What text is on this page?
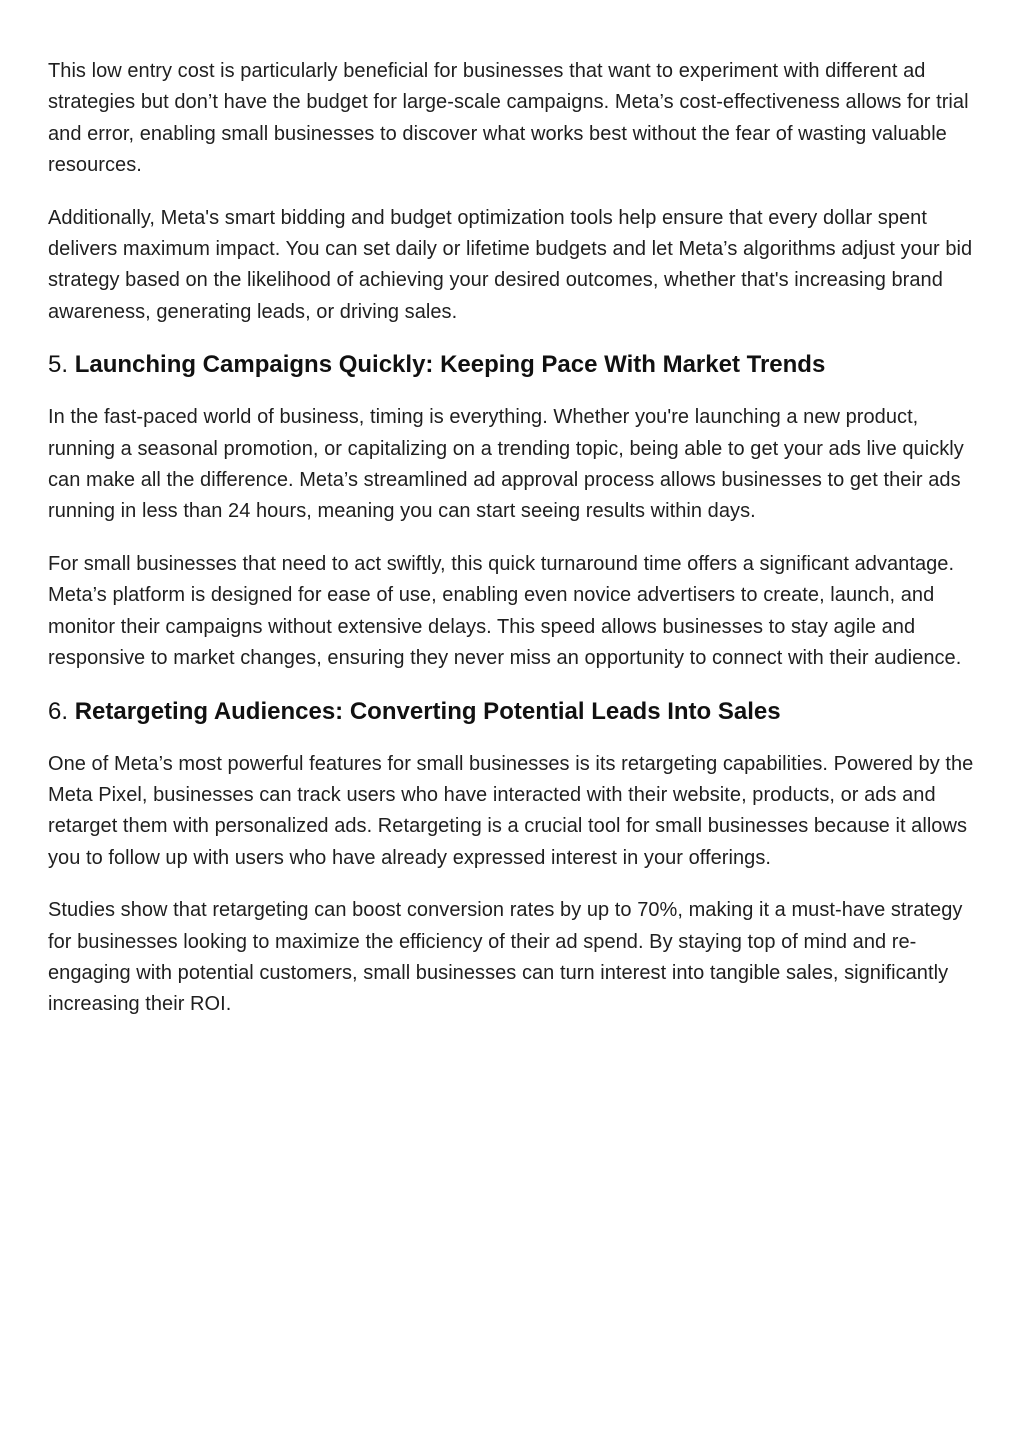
This low entry cost is particularly beneficial for businesses that want to experiment with different ad strategies but don’t have the budget for large-scale campaigns. Meta’s cost-effectiveness allows for trial and error, enabling small businesses to discover what works best without the fear of wasting valuable resources.

Additionally, Meta's smart bidding and budget optimization tools help ensure that every dollar spent delivers maximum impact. You can set daily or lifetime budgets and let Meta’s algorithms adjust your bid strategy based on the likelihood of achieving your desired outcomes, whether that's increasing brand awareness, generating leads, or driving sales.

5. Launching Campaigns Quickly: Keeping Pace With Market Trends

In the fast-paced world of business, timing is everything. Whether you're launching a new product, running a seasonal promotion, or capitalizing on a trending topic, being able to get your ads live quickly can make all the difference. Meta’s streamlined ad approval process allows businesses to get their ads running in less than 24 hours, meaning you can start seeing results within days.

For small businesses that need to act swiftly, this quick turnaround time offers a significant advantage. Meta’s platform is designed for ease of use, enabling even novice advertisers to create, launch, and monitor their campaigns without extensive delays. This speed allows businesses to stay agile and responsive to market changes, ensuring they never miss an opportunity to connect with their audience.

6. Retargeting Audiences: Converting Potential Leads Into Sales

One of Meta’s most powerful features for small businesses is its retargeting capabilities. Powered by the Meta Pixel, businesses can track users who have interacted with their website, products, or ads and retarget them with personalized ads. Retargeting is a crucial tool for small businesses because it allows you to follow up with users who have already expressed interest in your offerings.

Studies show that retargeting can boost conversion rates by up to 70%, making it a must-have strategy for businesses looking to maximize the efficiency of their ad spend. By staying top of mind and re-engaging with potential customers, small businesses can turn interest into tangible sales, significantly increasing their ROI.
